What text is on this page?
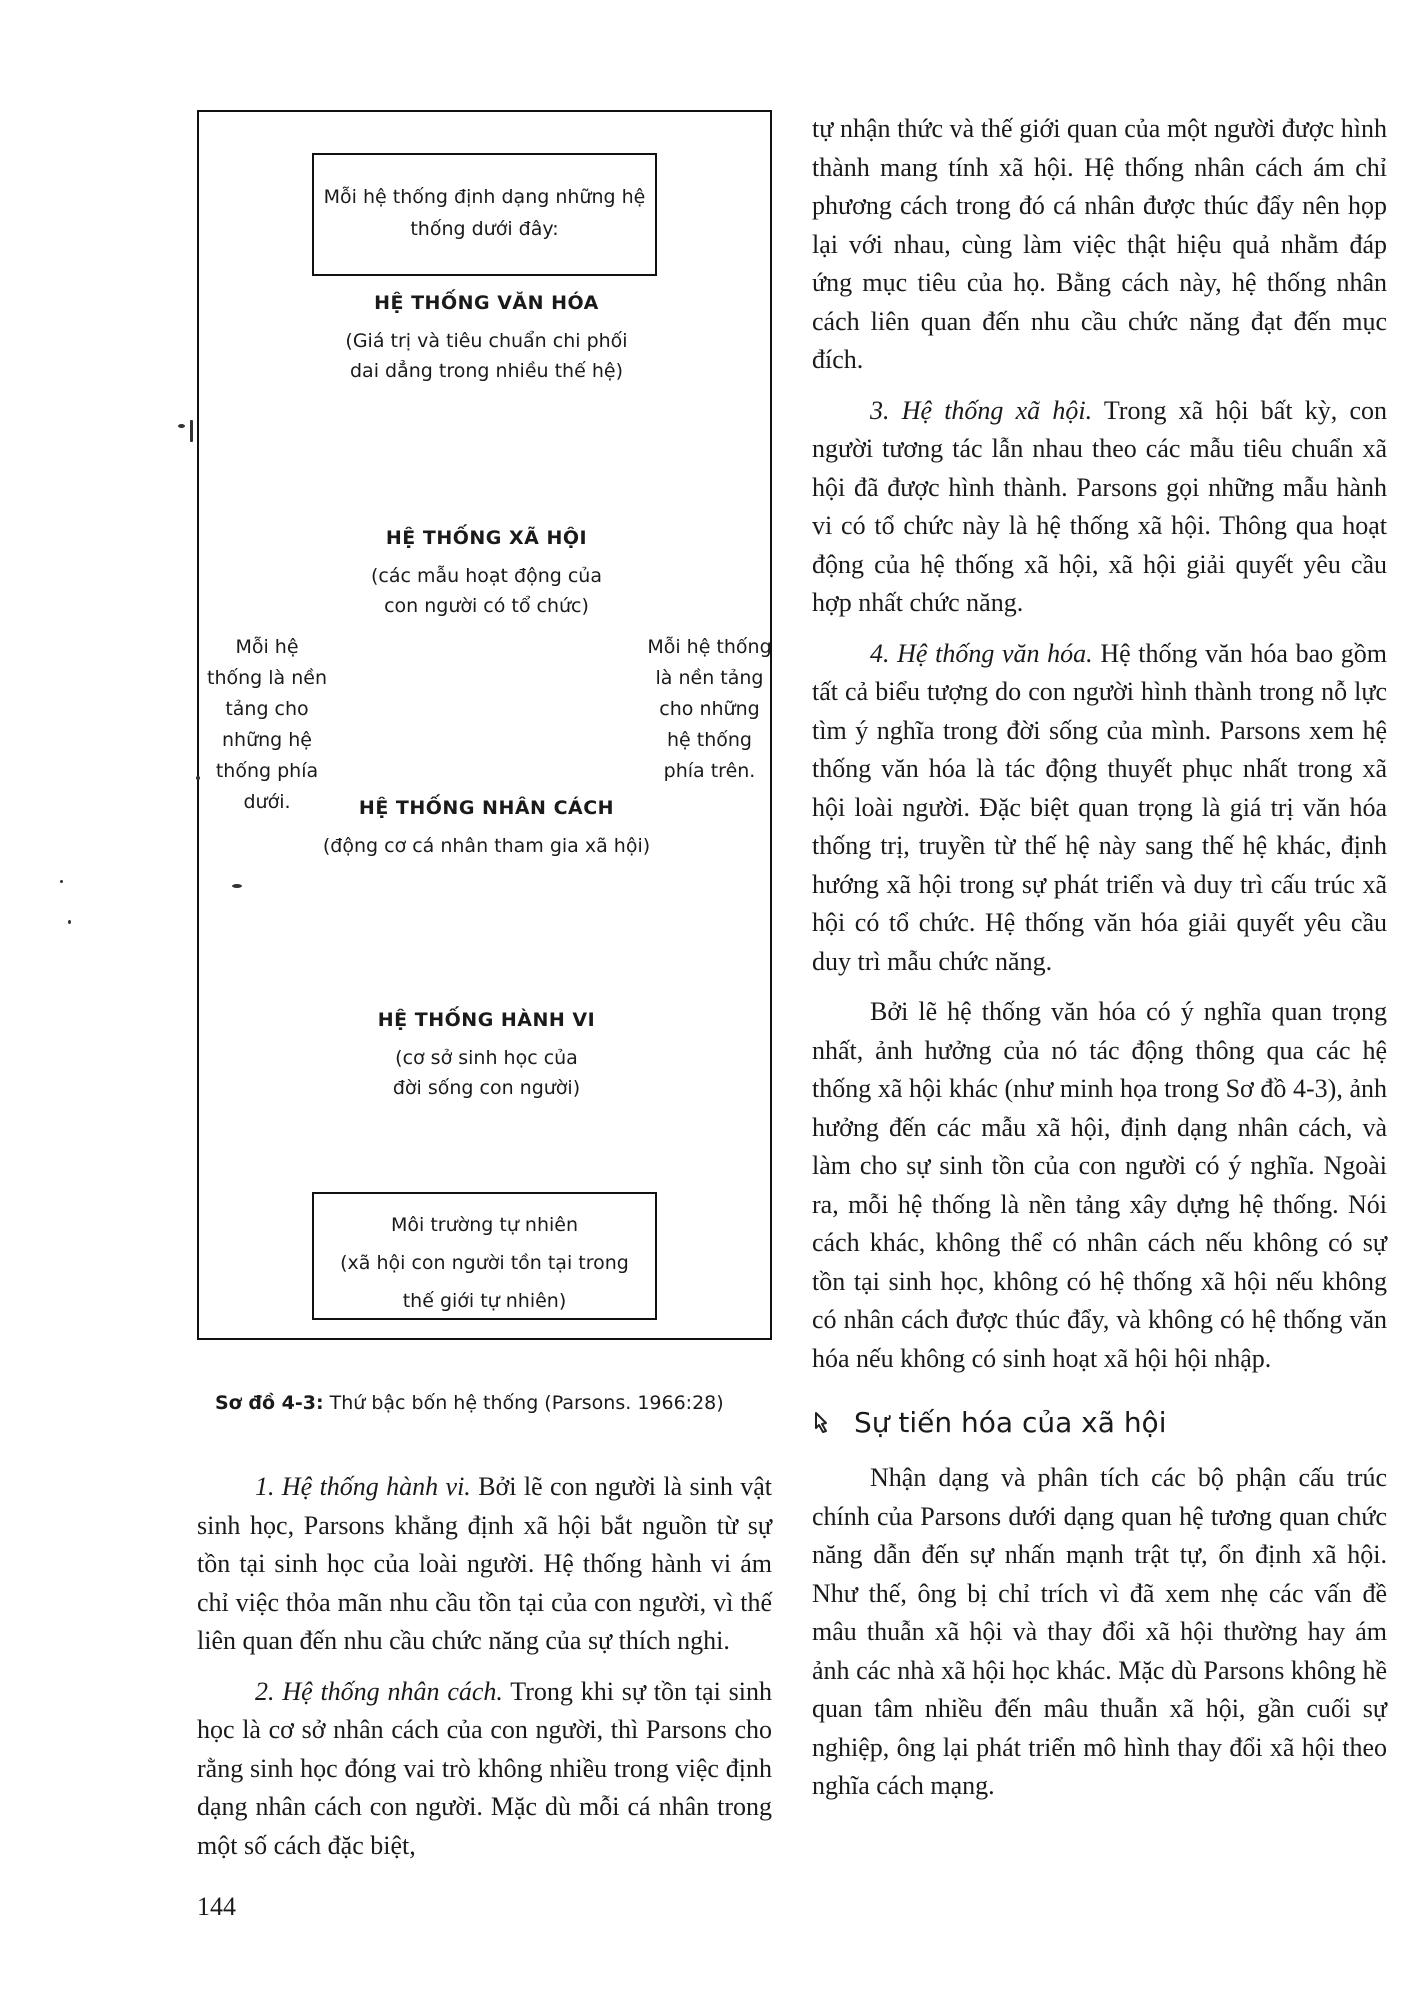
Mỗi hệ thống định dạng những hệ thống dưới đây:
HỆ THỐNG VĂN HÓA
(Giá trị và tiêu chuẩn chi phối dai dẳng trong nhiều thế hệ)
HỆ THỐNG XÃ HỘI
(các mẫu hoạt động của con người có tổ chức)
HỆ THỐNG NHÂN CÁCH
(động cơ cá nhân tham gia xã hội)
HỆ THỐNG HÀNH VI
(cơ sở sinh học của đời sống con người)
Mỗi hệ thống là nền tảng cho những hệ thống phía dưới.
Mỗi hệ thống là nền tảng cho những hệ thống phía trên.
Môi trường tự nhiên
(xã hội con người tồn tại trong thế giới tự nhiên)
Sơ đồ 4-3: Thứ bậc bốn hệ thống (Parsons. 1966:28)

1. Hệ thống hành vi. Bởi lẽ con người là sinh vật sinh học, Parsons khẳng định xã hội bắt nguồn từ sự tồn tại sinh học của loài người. Hệ thống hành vi ám chỉ việc thỏa mãn nhu cầu tồn tại của con người, vì thế liên quan đến nhu cầu chức năng của sự thích nghi.

2. Hệ thống nhân cách. Trong khi sự tồn tại sinh học là cơ sở nhân cách của con người, thì Parsons cho rằng sinh học đóng vai trò không nhiều trong việc định dạng nhân cách con người. Mặc dù mỗi cá nhân trong một số cách đặc biệt,

tự nhận thức và thế giới quan của một người được hình thành mang tính xã hội. Hệ thống nhân cách ám chỉ phương cách trong đó cá nhân được thúc đẩy nên họp lại với nhau, cùng làm việc thật hiệu quả nhằm đáp ứng mục tiêu của họ. Bằng cách này, hệ thống nhân cách liên quan đến nhu cầu chức năng đạt đến mục đích.

3. Hệ thống xã hội. Trong xã hội bất kỳ, con người tương tác lẫn nhau theo các mẫu tiêu chuẩn xã hội đã được hình thành. Parsons gọi những mẫu hành vi có tổ chức này là hệ thống xã hội. Thông qua hoạt động của hệ thống xã hội, xã hội giải quyết yêu cầu hợp nhất chức năng.

4. Hệ thống văn hóa. Hệ thống văn hóa bao gồm tất cả biểu tượng do con người hình thành trong nỗ lực tìm ý nghĩa trong đời sống của mình. Parsons xem hệ thống văn hóa là tác động thuyết phục nhất trong xã hội loài người. Đặc biệt quan trọng là giá trị văn hóa thống trị, truyền từ thế hệ này sang thế hệ khác, định hướng xã hội trong sự phát triển và duy trì cấu trúc xã hội có tổ chức. Hệ thống văn hóa giải quyết yêu cầu duy trì mẫu chức năng.

Bởi lẽ hệ thống văn hóa có ý nghĩa quan trọng nhất, ảnh hưởng của nó tác động thông qua các hệ thống xã hội khác (như minh họa trong Sơ đồ 4-3), ảnh hưởng đến các mẫu xã hội, định dạng nhân cách, và làm cho sự sinh tồn của con người có ý nghĩa. Ngoài ra, mỗi hệ thống là nền tảng xây dựng hệ thống. Nói cách khác, không thể có nhân cách nếu không có sự tồn tại sinh học, không có hệ thống xã hội nếu không có nhân cách được thúc đẩy, và không có hệ thống văn hóa nếu không có sinh hoạt xã hội hội nhập.

Sự tiến hóa của xã hội

Nhận dạng và phân tích các bộ phận cấu trúc chính của Parsons dưới dạng quan hệ tương quan chức năng dẫn đến sự nhấn mạnh trật tự, ổn định xã hội. Như thế, ông bị chỉ trích vì đã xem nhẹ các vấn đề mâu thuẫn xã hội và thay đổi xã hội thường hay ám ảnh các nhà xã hội học khác. Mặc dù Parsons không hề quan tâm nhiều đến mâu thuẫn xã hội, gần cuối sự nghiệp, ông lại phát triển mô hình thay đổi xã hội theo nghĩa cách mạng.

144
